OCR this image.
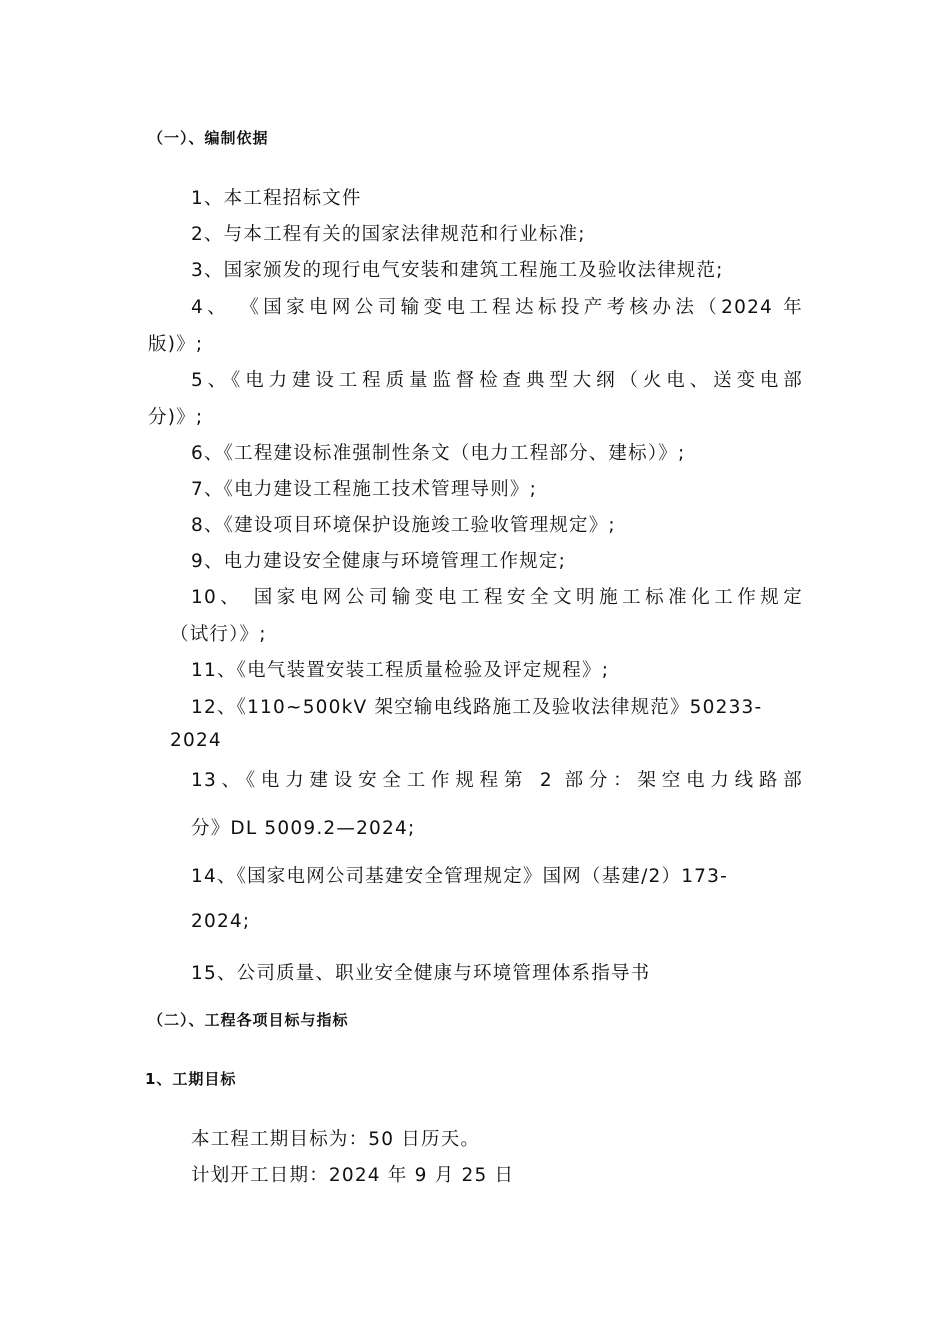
（一）、编制依据
1、本工程招标文件
2、与本工程有关的国家法律规范和行业标准;
3、国家颁发的现行电气安装和建筑工程施工及验收法律规范;
4、 《国家电网公司输变电工程达标投产考核办法（2024 年
版)》;
5、《电力建设工程质量监督检查典型大纲（火电、送变电部
分)》;
6、《工程建设标准强制性条文（电力工程部分、建标）》;
7、《电力建设工程施工技术管理导则》;
8、《建设项目环境保护设施竣工验收管理规定》;
9、电力建设安全健康与环境管理工作规定;
10、 国家电网公司输变电工程安全文明施工标准化工作规定
（试行）》;
11、《电气装置安装工程质量检验及评定规程》;
12、《110~500kV 架空输电线路施工及验收法律规范》50233-
2024
13、《电力建设安全工作规程第 2 部分：架空电力线路部
分》DL 5009.2—2024;
14、《国家电网公司基建安全管理规定》国网（基建/2）173-
2024;
15、公司质量、职业安全健康与环境管理体系指导书
（二）、工程各项目标与指标
1、工期目标
本工程工期目标为：50 日历天。
计划开工日期：2024 年 9 月 25 日
